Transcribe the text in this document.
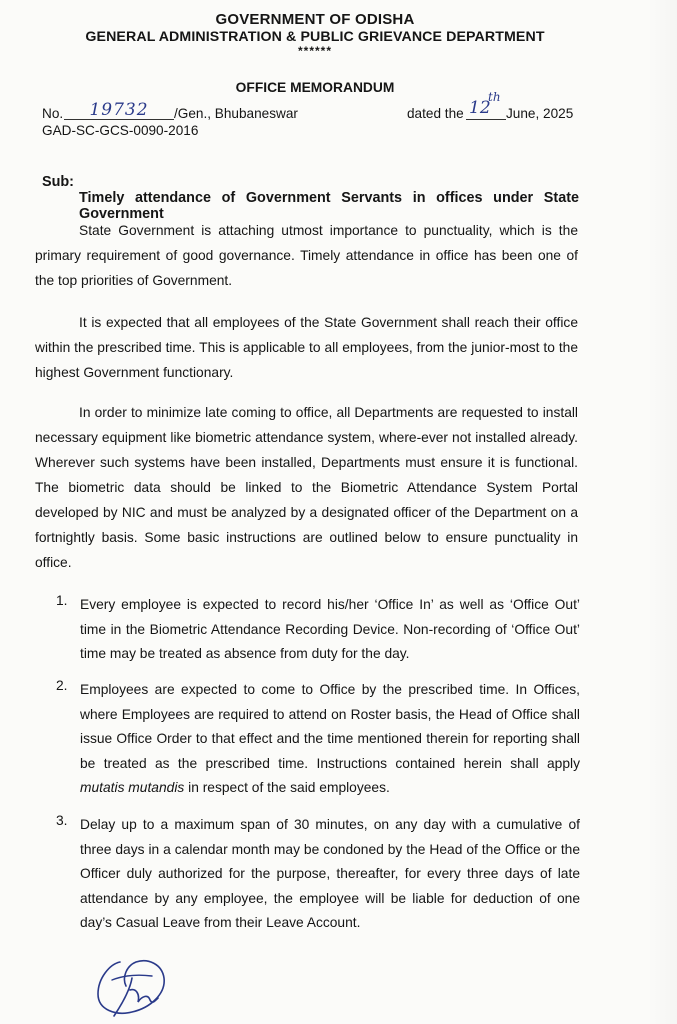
GOVERNMENT OF ODISHA
GENERAL ADMINISTRATION & PUBLIC GRIEVANCE DEPARTMENT
******
OFFICE MEMORANDUM
No.	19732	/Gen., Bhubaneswar	dated the 12
th
June, 2025
GAD-SC-GCS-0090-2016
Sub:
Timely attendance of Government Servants in offices under State Government

State Government is attaching utmost importance to punctuality, which is the primary requirement of good governance. Timely attendance in office has been one of the top priorities of Government.

It is expected that all employees of the State Government shall reach their office within the prescribed time. This is applicable to all employees, from the junior-most to the highest Government functionary.

In order to minimize late coming to office, all Departments are requested to install necessary equipment like biometric attendance system, where-ever not installed already. Wherever such systems have been installed, Departments must ensure it is functional. The biometric data should be linked to the Biometric Attendance System Portal developed by NIC and must be analyzed by a designated officer of the Department on a fortnightly basis. Some basic instructions are outlined below to ensure punctuality in office.

1. Every employee is expected to record his/her ‘Office In’ as well as ‘Office Out’ time in the Biometric Attendance Recording Device. Non-recording of ‘Office Out’ time may be treated as absence from duty for the day.

2. Employees are expected to come to Office by the prescribed time. In Offices, where Employees are required to attend on Roster basis, the Head of Office shall issue Office Order to that effect and the time mentioned therein for reporting shall be treated as the prescribed time. Instructions contained herein shall apply mutatis mutandis in respect of the said employees.

3. Delay up to a maximum span of 30 minutes, on any day with a cumulative of three days in a calendar month may be condoned by the Head of the Office or the Officer duly authorized for the purpose, thereafter, for every three days of late attendance by any employee, the employee will be liable for deduction of one day’s Casual Leave from their Leave Account.
